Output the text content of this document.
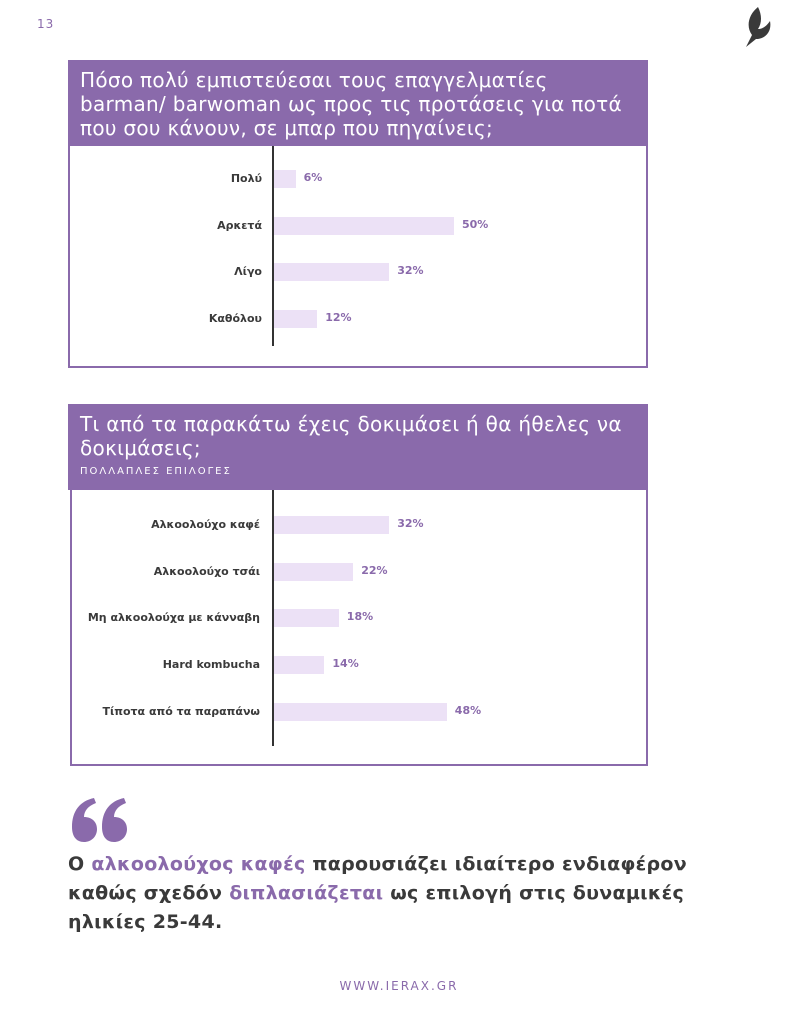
13
Πόσο πολύ εμπιστεύεσαι τους επαγγελματίες barman/ barwoman ως προς τις προτάσεις για ποτά που σου κάνουν, σε μπαρ που πηγαίνεις;
Πολύ	6%
Αρκετά	50%
Λίγο	32%
Καθόλου	12%
Τι από τα παρακάτω έχεις δοκιμάσει ή θα ήθελες να δοκιμάσεις;
ΠΟΛΛΑΠΛΕΣ ΕΠΙΛΟΓΕΣ
Αλκοολούχο καφέ	32%
Αλκοολούχο τσάι	22%
Μη αλκοολούχα με κάνναβη	18%
Hard kombucha	14%
Τίποτα από τα παραπάνω	48%
Ο αλκοολούχος καφές παρουσιάζει ιδιαίτερο ενδιαφέρον καθώς σχεδόν διπλασιάζεται ως επιλογή στις δυναμικές ηλικίες 25-44.
WWW.IERAX.GR
